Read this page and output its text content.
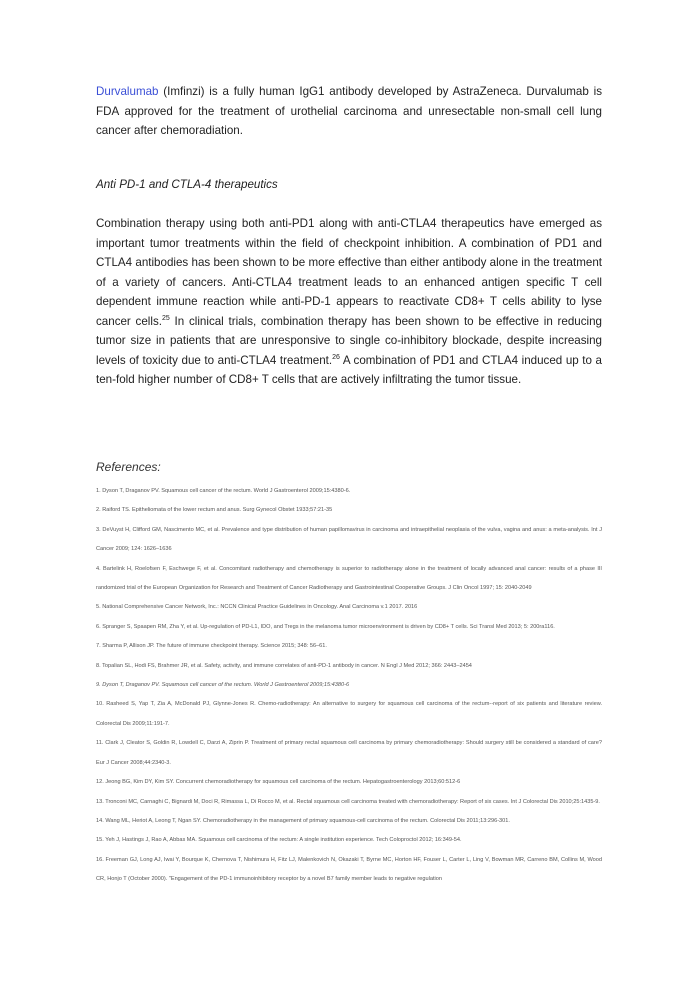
Durvalumab (Imfinzi) is a fully human IgG1 antibody developed by AstraZeneca. Durvalumab is FDA approved for the treatment of urothelial carcinoma and unresectable non-small cell lung cancer after chemoradiation.

Anti PD-1 and CTLA-4 therapeutics

Combination therapy using both anti-PD1 along with anti-CTLA4 therapeutics have emerged as important tumor treatments within the field of checkpoint inhibition. A combination of PD1 and CTLA4 antibodies has been shown to be more effective than either antibody alone in the treatment of a variety of cancers. Anti-CTLA4 treatment leads to an enhanced antigen specific T cell dependent immune reaction while anti-PD-1 appears to reactivate CD8+ T cells ability to lyse cancer cells.$^{25}$ In clinical trials, combination therapy has been shown to be effective in reducing tumor size in patients that are unresponsive to single co-inhibitory blockade, despite increasing levels of toxicity due to anti-CTLA4 treatment.$^{26}$ A combination of PD1 and CTLA4 induced up to a ten-fold higher number of CD8+ T cells that are actively infiltrating the tumor tissue.

References:

1. Dyson T, Draganov PV. Squamous cell cancer of the rectum. World J Gastroenterol 2009;15:4380-6.

2. Raiford TS. Epitheliomata of the lower rectum and anus. Surg Gynecol Obstet 1933;57:21-35

3. DeVuyst H, Clifford GM, Nascimento MC, et al. Prevalence and type distribution of human papillomavirus in carcinoma and intraepithelial neoplasia of the vulva, vagina and anus: a meta-analysis. Int J Cancer 2009; 124: 1626–1636

4. Bartelink H, Roelofsen F, Eschwege F, et al. Concomitant radiotherapy and chemotherapy is superior to radiotherapy alone in the treatment of locally advanced anal cancer: results of a phase III randomized trial of the European Organization for Research and Treatment of Cancer Radiotherapy and Gastrointestinal Cooperative Groups. J Clin Oncol 1997; 15: 2040-2049

5. National Comprehensive Cancer Network, Inc.: NCCN Clinical Practice Guidelines in Oncology. Anal Carcinoma v.1 2017. 2016

6. Spranger S, Spaapen RM, Zha Y, et al. Up-regulation of PD-L1, IDO, and Tregs in the melanoma tumor microenvironment is driven by CD8+ T cells. Sci Transl Med 2013; 5: 200ra116.

7. Sharma P, Allison JP. The future of immune checkpoint therapy. Science 2015; 348: 56–61.

8. Topalian SL, Hodi FS, Brahmer JR, et al. Safety, activity, and immune correlates of anti-PD-1 antibody in cancer. N Engl J Med 2012; 366: 2443–2454

9. Dyson T, Draganov PV. Squamous cell cancer of the rectum. World J Gastroenterol 2009;15:4380-6

10. Rasheed S, Yap T, Zia A, McDonald PJ, Glynne-Jones R. Chemo-radiotherapy: An alternative to surgery for squamous cell carcinoma of the rectum--report of six patients and literature review. Colorectal Dis 2009;11:191-7.

11. Clark J, Cleator S, Goldin R, Lowdell C, Darzi A, Ziprin P. Treatment of primary rectal squamous cell carcinoma by primary chemoradiotherapy: Should surgery still be considered a standard of care? Eur J Cancer 2008;44:2340-3.

12. Jeong BG, Kim DY, Kim SY. Concurrent chemoradiotherapy for squamous cell carcinoma of the rectum. Hepatogastroenterology 2013;60:512-6

13. Tronconi MC, Carnaghi C, Bignardi M, Doci R, Rimassa L, Di Rocco M, et al. Rectal squamous cell carcinoma treated with chemoradiotherapy: Report of six cases. Int J Colorectal Dis 2010;25:1435-9.

14. Wang ML, Heriot A, Leong T, Ngan SY. Chemoradiotherapy in the management of primary squamous-cell carcinoma of the rectum. Colorectal Dis 2011;13:296-301.

15. Yeh J, Hastings J, Rao A, Abbas MA. Squamous cell carcinoma of the rectum: A single institution experience. Tech Coloproctol 2012; 16:349-54.

16. Freeman GJ, Long AJ, Iwai Y, Bourque K, Chernova T, Nishimura H, Fitz LJ, Malenkovich N, Okazaki T, Byrne MC, Horton HF, Fouser L, Carter L, Ling V, Bowman MR, Carreno BM, Collins M, Wood CR, Honjo T (October 2000). "Engagement of the PD-1 immunoinhibitory receptor by a novel B7 family member leads to negative regulation
